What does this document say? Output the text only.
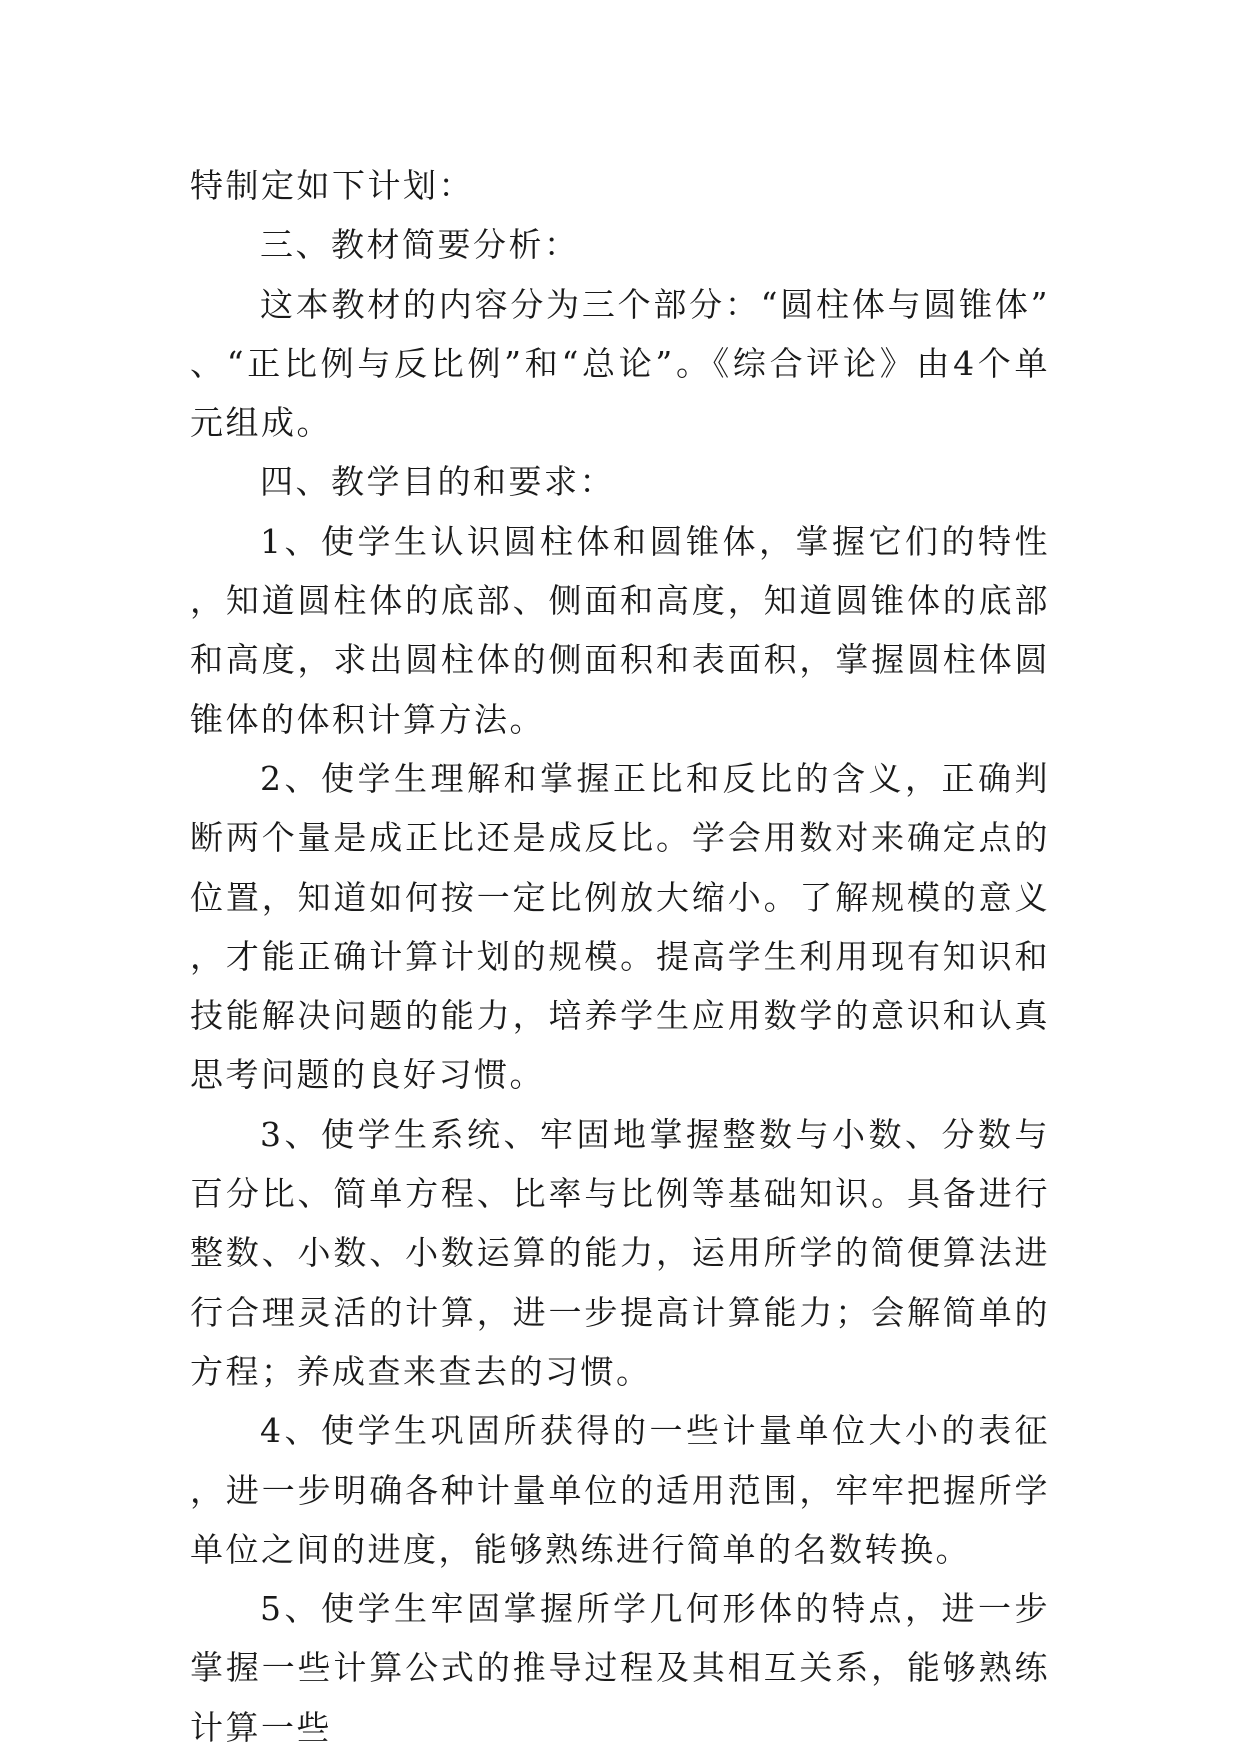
特制定如下计划：

三、教材简要分析：

这本教材的内容分为三个部分：“圆柱体与圆锥体”、“正比例与反比例”和“总论”。《综合评论》由4个单元组成。

四、教学目的和要求：

1、使学生认识圆柱体和圆锥体，掌握它们的特性，知道圆柱体的底部、侧面和高度，知道圆锥体的底部和高度，求出圆柱体的侧面积和表面积，掌握圆柱体圆锥体的体积计算方法。

2、使学生理解和掌握正比和反比的含义，正确判断两个量是成正比还是成反比。学会用数对来确定点的位置，知道如何按一定比例放大缩小。了解规模的意义，才能正确计算计划的规模。提高学生利用现有知识和技能解决问题的能力，培养学生应用数学的意识和认真思考问题的良好习惯。

3、使学生系统、牢固地掌握整数与小数、分数与百分比、简单方程、比率与比例等基础知识。具备进行整数、小数、小数运算的能力，运用所学的简便算法进行合理灵活的计算，进一步提高计算能力；会解简单的方程；养成查来查去的习惯。

4、使学生巩固所获得的一些计量单位大小的表征，进一步明确各种计量单位的适用范围，牢牢把握所学单位之间的进度，能够熟练进行简单的名数转换。

5、使学生牢固掌握所学几何形体的特点，进一步掌握一些计算公式的推导过程及其相互关系，能够熟练计算一些
